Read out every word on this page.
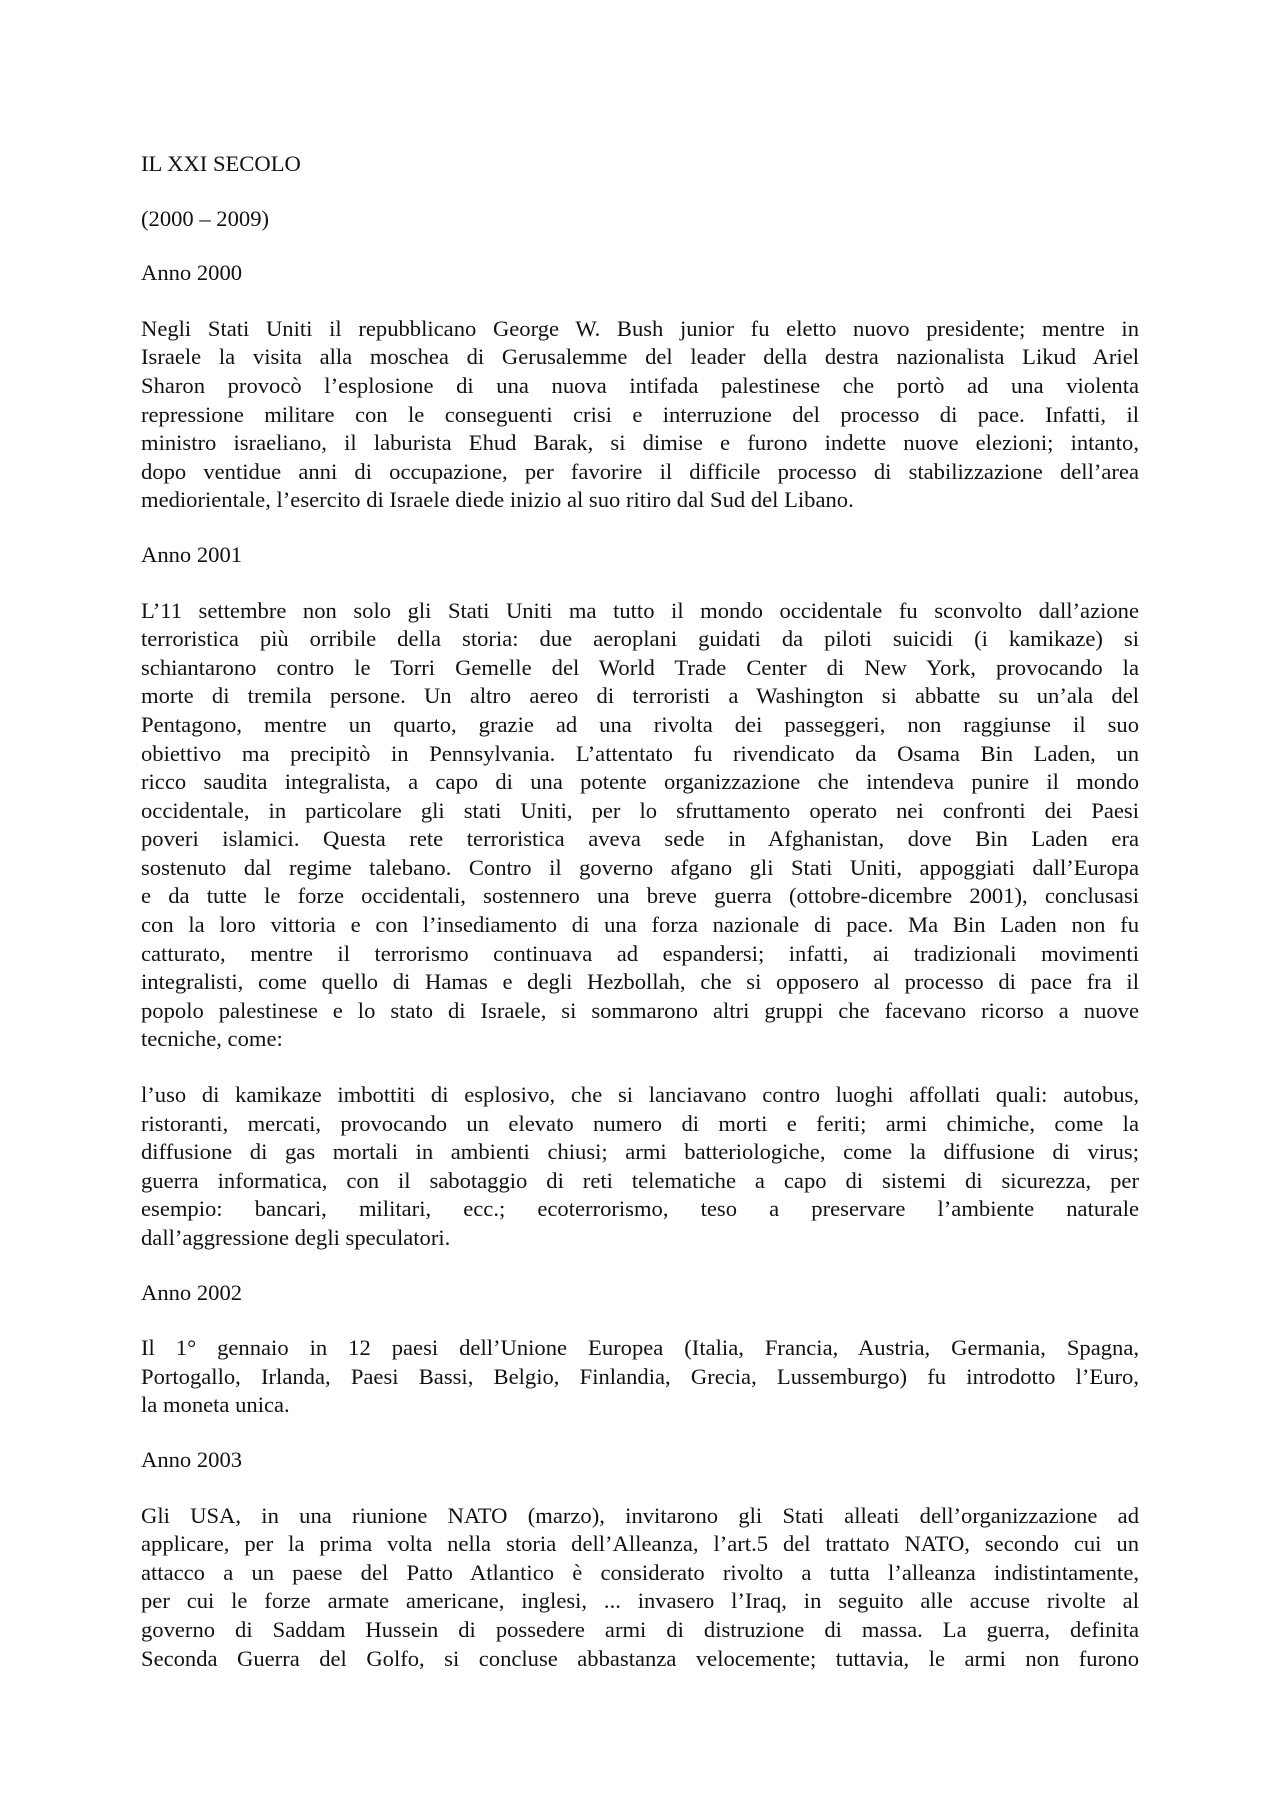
IL XXI SECOLO

(2000 – 2009)

Anno 2000

Negli Stati Uniti il repubblicano George W. Bush junior fu eletto nuovo presidente; mentre in
Israele la visita alla moschea di Gerusalemme del leader della destra nazionalista Likud Ariel
Sharon provocò l’esplosione di una nuova intifada palestinese che portò ad una violenta
repressione militare con le conseguenti crisi e interruzione del processo di pace. Infatti, il
ministro israeliano, il laburista Ehud Barak, si dimise e furono indette nuove elezioni; intanto,
dopo ventidue anni di occupazione, per favorire il difficile processo di stabilizzazione dell’area
mediorientale, l’esercito di Israele diede inizio al suo ritiro dal Sud del Libano.

Anno 2001

L’11 settembre non solo gli Stati Uniti ma tutto il mondo occidentale fu sconvolto dall’azione
terroristica più orribile della storia: due aeroplani guidati da piloti suicidi (i kamikaze) si
schiantarono contro le Torri Gemelle del World Trade Center di New York, provocando la
morte di tremila persone. Un altro aereo di terroristi a Washington si abbatte su un’ala del
Pentagono, mentre un quarto, grazie ad una rivolta dei passeggeri, non raggiunse il suo
obiettivo ma precipitò in Pennsylvania. L’attentato fu rivendicato da Osama Bin Laden, un
ricco saudita integralista, a capo di una potente organizzazione che intendeva punire il mondo
occidentale, in particolare gli stati Uniti, per lo sfruttamento operato nei confronti dei Paesi
poveri islamici. Questa rete terroristica aveva sede in Afghanistan, dove Bin Laden era
sostenuto dal regime talebano. Contro il governo afgano gli Stati Uniti, appoggiati dall’Europa
e da tutte le forze occidentali, sostennero una breve guerra (ottobre-dicembre 2001), conclusasi
con la loro vittoria e con l’insediamento di una forza nazionale di pace. Ma Bin Laden non fu
catturato, mentre il terrorismo continuava ad espandersi; infatti, ai tradizionali movimenti
integralisti, come quello di Hamas e degli Hezbollah, che si opposero al processo di pace fra il
popolo palestinese e lo stato di Israele, si sommarono altri gruppi che facevano ricorso a nuove
tecniche, come:
l’uso di kamikaze imbottiti di esplosivo, che si lanciavano contro luoghi affollati quali: autobus,
ristoranti, mercati, provocando un elevato numero di morti e feriti; armi chimiche, come la
diffusione di gas mortali in ambienti chiusi; armi batteriologiche, come la diffusione di virus;
guerra informatica, con il sabotaggio di reti telematiche a capo di sistemi di sicurezza, per
esempio: bancari, militari, ecc.; ecoterrorismo, teso a preservare l’ambiente naturale
dall’aggressione degli speculatori.

Anno 2002

Il 1° gennaio in 12 paesi dell’Unione Europea (Italia, Francia, Austria, Germania, Spagna,
Portogallo, Irlanda, Paesi Bassi, Belgio, Finlandia, Grecia, Lussemburgo) fu introdotto l’Euro,
la moneta unica.

Anno 2003

Gli USA, in una riunione NATO (marzo), invitarono gli Stati alleati dell’organizzazione ad
applicare, per la prima volta nella storia dell’Alleanza, l’art.5 del trattato NATO, secondo cui un
attacco a un paese del Patto Atlantico è considerato rivolto a tutta l’alleanza indistintamente,
per cui le forze armate americane, inglesi, ... invasero l’Iraq, in seguito alle accuse rivolte al
governo di Saddam Hussein di possedere armi di distruzione di massa. La guerra, definita
Seconda Guerra del Golfo, si concluse abbastanza velocemente; tuttavia, le armi non furono
